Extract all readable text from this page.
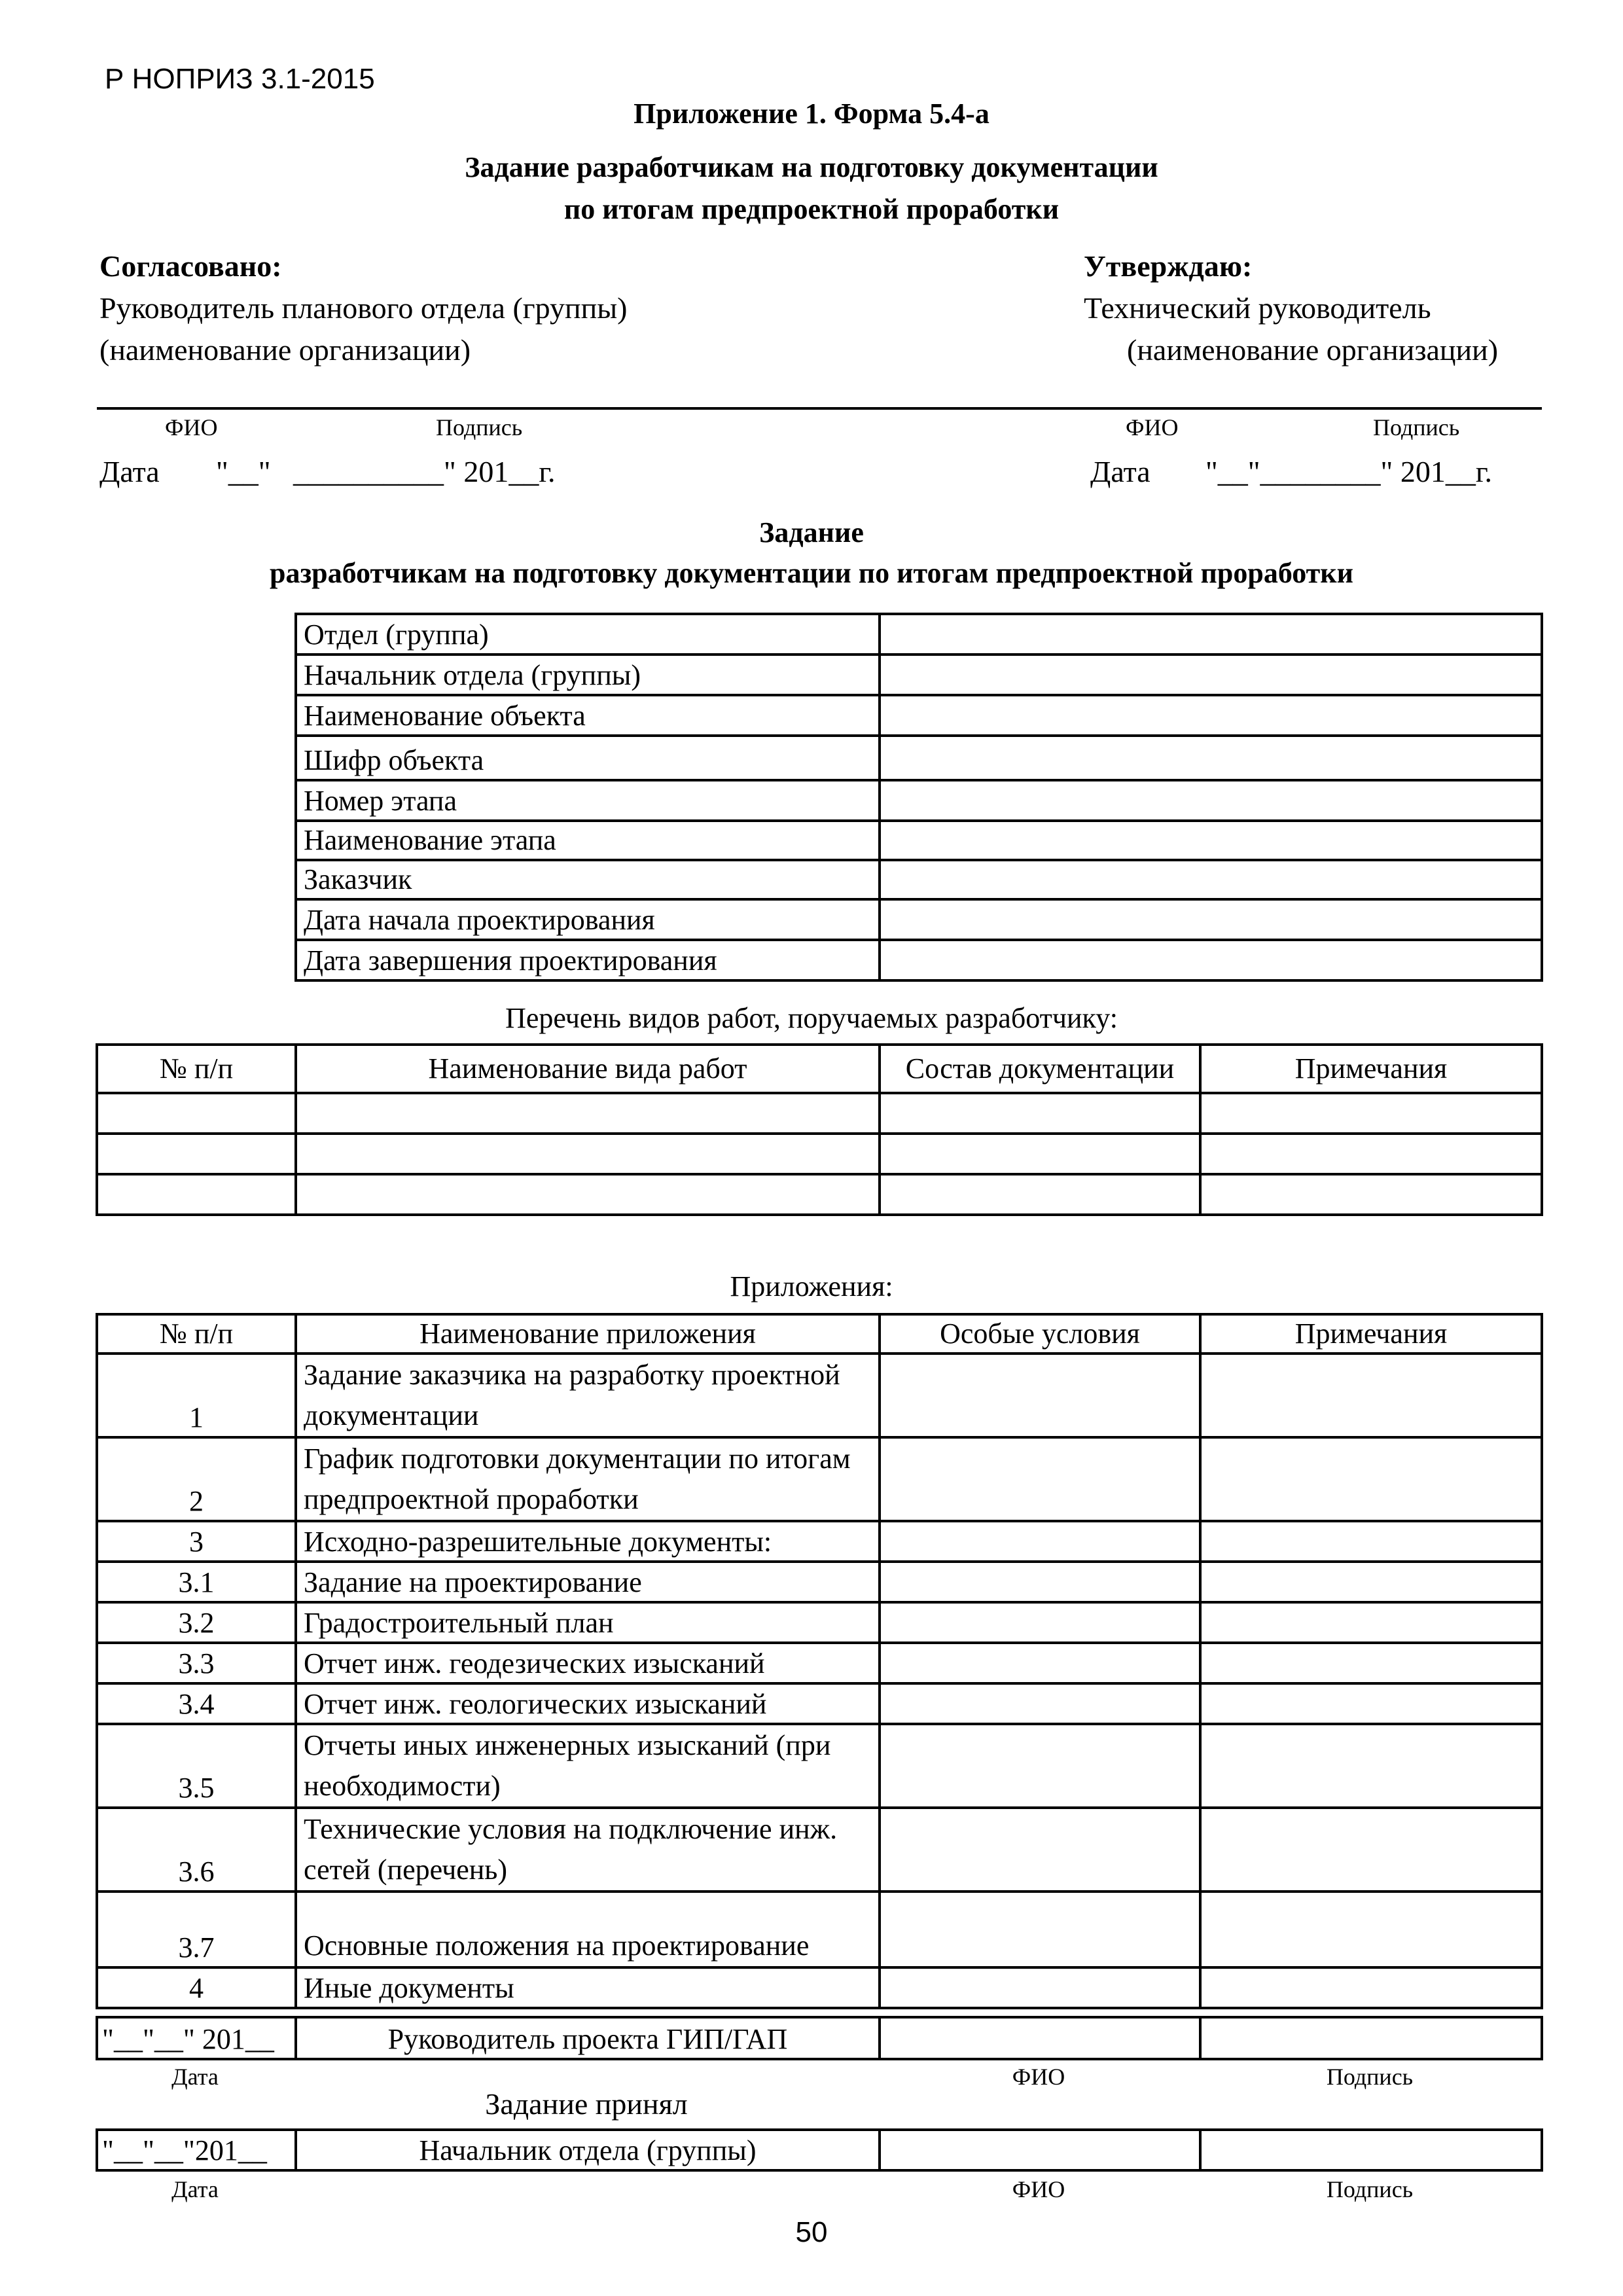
Р НОПРИЗ 3.1-2015
Приложение 1. Форма 5.4-а
Задание разработчикам на подготовку документации
по итогам предпроектной проработки
Согласовано:
Руководитель планового отдела (группы)
(наименование организации)
Утверждаю:
Технический руководитель
(наименование организации)
ФИО	Подпись	ФИО	Подпись
Дата "__"   __________" 201__г.	Дата "__"________" 201__г.
Задание
разработчикам на подготовку документации по итогам предпроектной проработки
Отдел (группа)	
Начальник отдела (группы)	
Наименование объекта	
Шифр объекта	
Номер этапа	
Наименование этапа	
Заказчик	
Дата начала проектирования	
Дата завершения проектирования	
Перечень видов работ, поручаемых разработчику:
№ п/п	Наименование вида работ	Состав документации	Примечания

Приложения:
№ п/п	Наименование приложения	Особые условия	Примечания
1	Задание заказчика на разработку проектной документации		
2	График подготовки документации по итогам предпроектной проработки		
3	Исходно-разрешительные документы:		
3.1	Задание на проектирование		
3.2	Градостроительный план		
3.3	Отчет инж. геодезических изысканий		
3.4	Отчет инж. геологических изысканий		
3.5	Отчеты иных инженерных изысканий (при необходимости)		
3.6	Технические условия на подключение инж. сетей (перечень)		
3.7	Основные положения на проектирование		
4	Иные документы		
"__"__" 201__	Руководитель проекта ГИП/ГАП		
Дата	ФИО	Подпись
Задание принял
"__"__"201__	Начальник отдела (группы)		
Дата	ФИО	Подпись
50
